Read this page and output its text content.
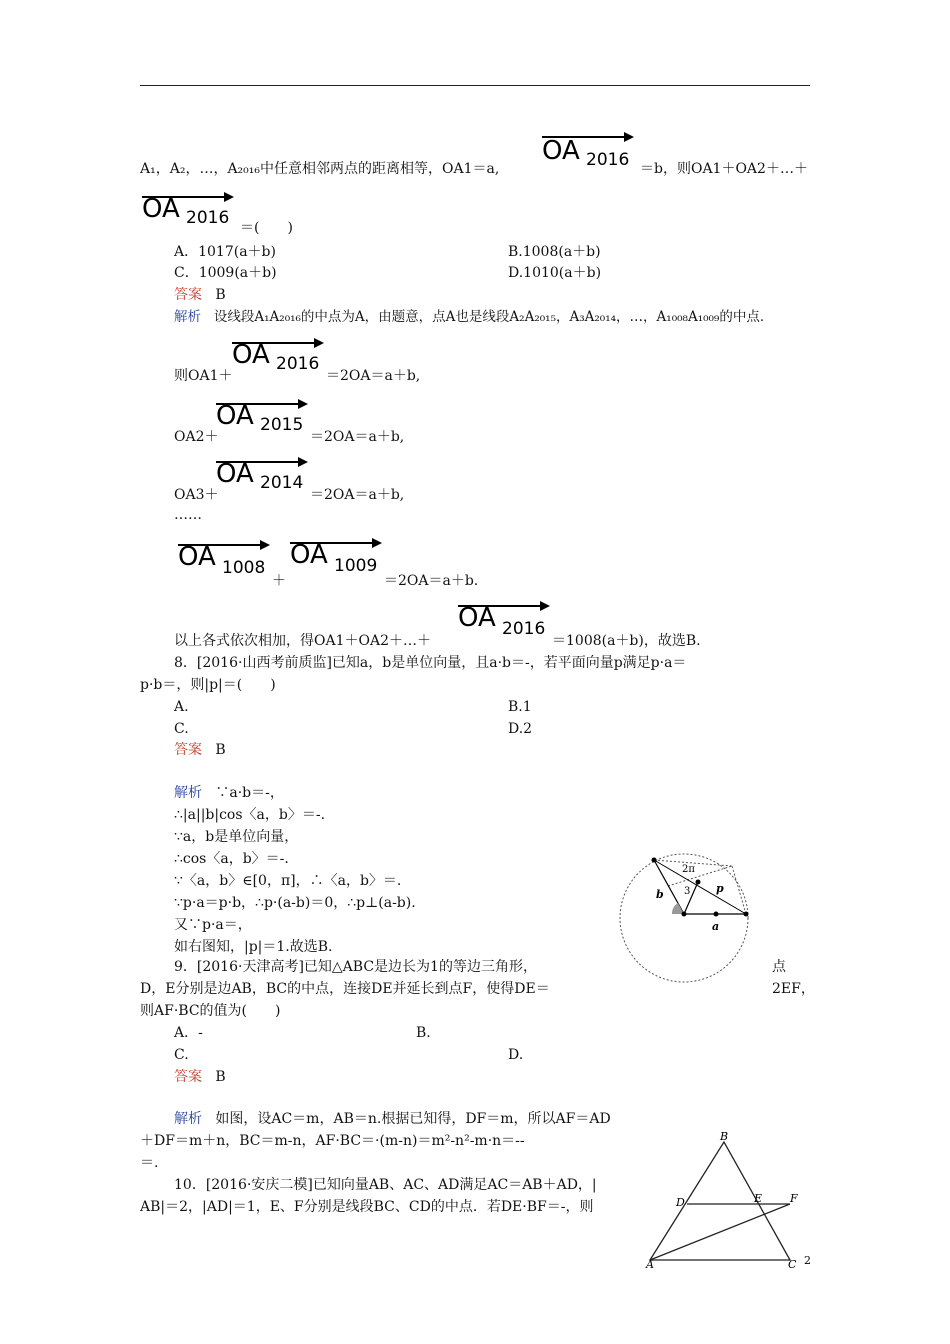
A₁，A₂，…，A₂₀₁₆中任意相邻两点的距离相等，OA1＝a,
OA 2016 ＝b，则OA1＋OA2＋…＋
OA 2016 ＝(　　)
A．1017(a＋b)	B.1008(a＋b)
C．1009(a＋b)	D.1010(a＋b)
答案 B
解析 设线段A₁A₂₀₁₆的中点为A，由题意，点A也是线段A₂A₂₀₁₅，A₃A₂₀₁₄，…，A₁₀₀₈A₁₀₀₉的中点．
则OA1＋
OA 2016
＝2OA＝a＋b,
OA2＋
OA 2015
＝2OA＝a＋b,
OA3＋
OA 2014
＝2OA＝a＋b,
……
OA 1008
＋
OA 1009
＝2OA＝a＋b.
以上各式依次相加，得OA1＋OA2＋…＋
OA 2016
＝1008(a＋b)，故选B.
8．[2016·山西考前质监]已知a，b是单位向量，且a·b＝-，若平面向量p满足p·a＝
p·b＝，则|p|＝(　　)
A.	B.1
C.	D.2
答案 B
解析 ∵a·b＝-，
∴|a||b|cos〈a，b〉＝-.
∵a，b是单位向量，
∴cos〈a，b〉＝-.
∵〈a，b〉∈[0，π]，∴〈a，b〉＝.
∵p·a＝p·b，∴p·(a-b)＝0，∴p⊥(a-b).
又∵p·a＝，
如右图知，|p|＝1.故选B.
2π
3
b	p
a
9．[2016·天津高考]已知△ABC是边长为1的等边三角形，	点
D，E分别是边AB，BC的中点，连接DE并延长到点F，使得DE＝	2EF，
则AF·BC的值为(　　)
A．-	B.
C.	D.
答案 B
解析 如图，设AC＝m，AB＝n.根据已知得，DF＝m，所以AF＝AD
＋DF＝m＋n，BC＝m-n，AF·BC＝·(m-n)＝m²-n²-m·n＝--
＝.
10．[2016·安庆二模]已知向量AB、AC、AD满足AC＝AB＋AD，|
AB|＝2，|AD|＝1，E、F分别是线段BC、CD的中点．若DE·BF＝-，则
B
D	E	F
A	C 2
